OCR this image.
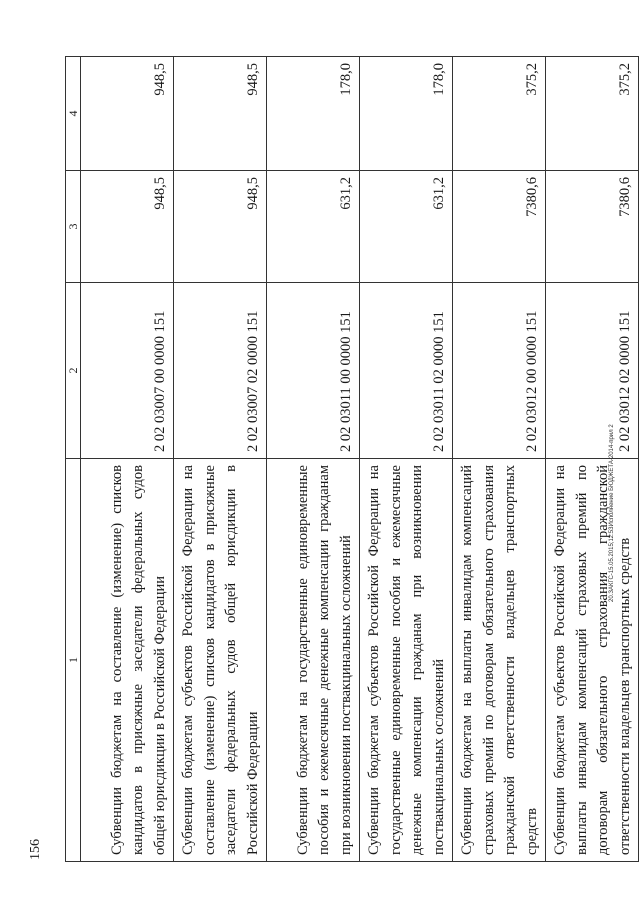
1	2	3	4
Субвенции бюджетам на составление (изменение) списков кандидатов в присяжные заседатели федеральных судов общей юрисдикции в Российской Федерации	2 02 03007 00 0000 151	948,5	948,5
Субвенции бюджетам субъектов Российской Федерации на составление (изменение) списков кандидатов в присяжные заседатели федеральных судов общей юрисдикции в Российской Федерации	2 02 03007 02 0000 151	948,5	948,5
Субвенции бюджетам на государственные единовременные пособия и ежемесячные денежные компенсации гражданам при возникновении поствакцинальных осложнений	2 02 03011 00 0000 151	631,2	178,0
Субвенции бюджетам субъектов Российской Федерации на государственные единовременные пособия и ежемесячные денежные компенсации гражданам при возникновении поствакцинальных осложнений	2 02 03011 02 0000 151	631,2	178,0
Субвенции бюджетам на выплаты инвалидам компенсаций страховых премий по договорам обязательного страхования гражданской ответственности владельцев транспортных средств	2 02 03012 00 0000 151	7380,6	375,2
Субвенции бюджетам субъектов Российской Федерации на выплаты инвалидам компенсаций страховых премий по договорам обязательного страхования гражданской ответственности владельцев транспортных средств	2 02 03012 02 0000 151	7380,6	375,2
156
20.ЗАКГС-15.05.2015;12:53Исполнение БЮДЖЕТА-2014-прил 2
